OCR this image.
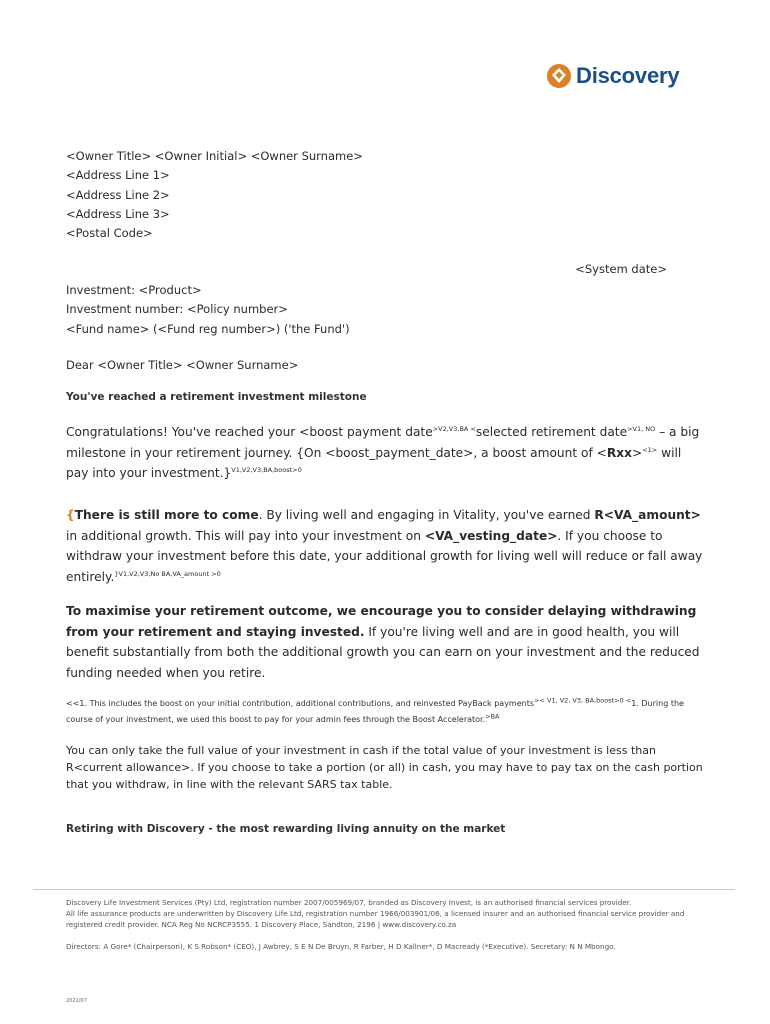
Discovery
<Owner Title> <Owner Initial> <Owner Surname>
<Address Line 1>
<Address Line 2>
<Address Line 3>
<Postal Code>
<System date>
Investment: <Product>
Investment number: <Policy number>
<Fund name> (<Fund reg number>) ('the Fund')
Dear <Owner Title> <Owner Surname>
You've reached a retirement investment milestone
Congratulations! You've reached your <boost payment date$^{>V2,V3,BA <}$selected retirement date$^{>V1, NO}$ – a big milestone in your retirement journey. {On <boost_payment_date>, a boost amount of <Rxx>$^{<1>}$ will pay into your investment.}$^{V1,V2,V3,BA,boost>0}$
{There is still more to come. By living well and engaging in Vitality, you've earned R<VA_amount> in additional growth. This will pay into your investment on <VA_vesting_date>. If you choose to withdraw your investment before this date, your additional growth for living well will reduce or fall away entirely.$^{\}V1,V2,V3,No BA,VA\_amount >0}$
To maximise your retirement outcome, we encourage you to consider delaying withdrawing from your retirement and staying invested. If you're living well and are in good health, you will benefit substantially from both the additional growth you can earn on your investment and the reduced funding needed when you retire.
<<1. This includes the boost on your initial contribution, additional contributions, and reinvested PayBack payments$^{>< V1, V2, V3, BA,boost>0 <}$1. During the course of your investment, we used this boost to pay for your admin fees through the Boost Accelerator.$^{>BA}$
You can only take the full value of your investment in cash if the total value of your investment is less than R<current allowance>. If you choose to take a portion (or all) in cash, you may have to pay tax on the cash portion that you withdraw, in line with the relevant SARS tax table.
Retiring with Discovery - the most rewarding living annuity on the market
Discovery Life Investment Services (Pty) Ltd, registration number 2007/005969/07, branded as Discovery Invest, is an authorised financial services provider.
All life assurance products are underwritten by Discovery Life Ltd, registration number 1966/003901/06, a licensed insurer and an authorised financial service provider and registered credit provider. NCA Reg No NCRCP3555. 1 Discovery Place, Sandton, 2196 | www.discovery.co.za
Directors: A Gore* (Chairperson), K S Robson* (CEO), J Awbrey, S E N De Bruyn, R Farber, H D Kallner*, D Macready (*Executive). Secretary: N N Mbongo.
2021/07
